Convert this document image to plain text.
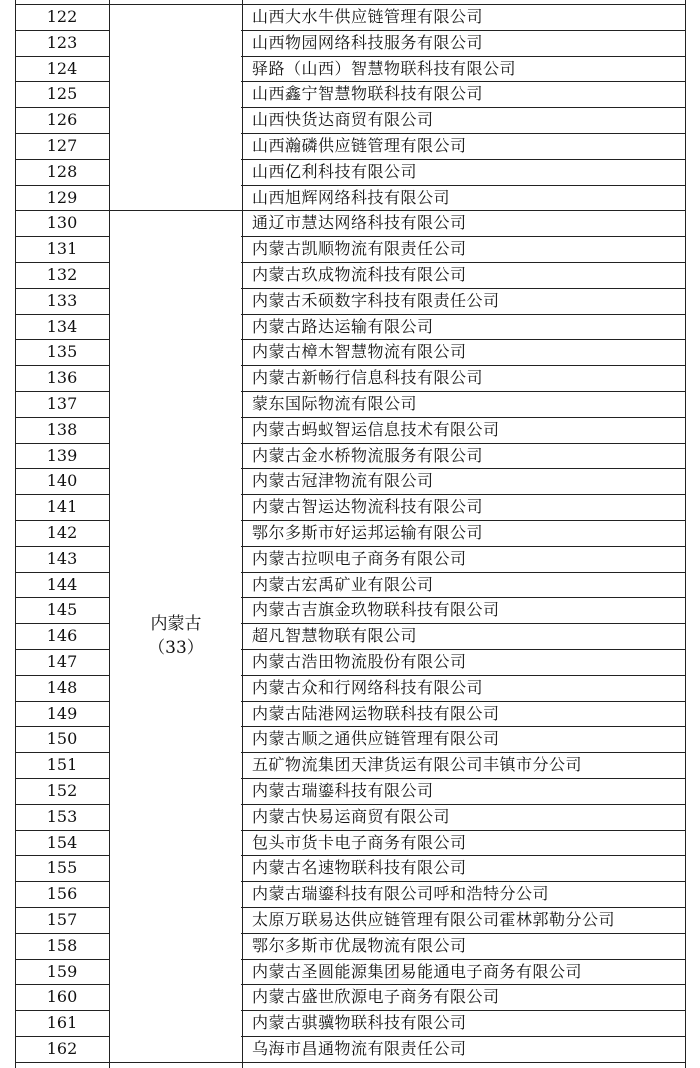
122	山西大水牛供应链管理有限公司
123	山西物园网络科技服务有限公司
124	驿路（山西）智慧物联科技有限公司
125	山西鑫宁智慧物联科技有限公司
126	山西快货达商贸有限公司
127	山西瀚磷供应链管理有限公司
128	山西亿利科技有限公司
129	山西旭辉网络科技有限公司
130	通辽市慧达网络科技有限公司
131	内蒙古凯顺物流有限责任公司
132	内蒙古玖成物流科技有限公司
133	内蒙古禾硕数字科技有限责任公司
134	内蒙古路达运输有限公司
135	内蒙古樟木智慧物流有限公司
136	内蒙古新畅行信息科技有限公司
137	蒙东国际物流有限公司
138	内蒙古蚂蚁智运信息技术有限公司
139	内蒙古金水桥物流服务有限公司
140	内蒙古冠津物流有限公司
141	内蒙古智运达物流科技有限公司
142	鄂尔多斯市好运邦运输有限公司
143	内蒙古拉呗电子商务有限公司
144	内蒙古宏禹矿业有限公司
145	内蒙古吉旗金玖物联科技有限公司
146	超凡智慧物联有限公司
147	内蒙古浩田物流股份有限公司
148	内蒙古众和行网络科技有限公司
149	内蒙古陆港网运物联科技有限公司
150	内蒙古顺之通供应链管理有限公司
151	五矿物流集团天津货运有限公司丰镇市分公司
152	内蒙古瑞鎏科技有限公司
153	内蒙古快易运商贸有限公司
154	包头市货卡电子商务有限公司
155	内蒙古名速物联科技有限公司
156	内蒙古瑞鎏科技有限公司呼和浩特分公司
157	太原万联易达供应链管理有限公司霍林郭勒分公司
158	鄂尔多斯市优晟物流有限公司
159	内蒙古圣圆能源集团易能通电子商务有限公司
160	内蒙古盛世欣源电子商务有限公司
161	内蒙古骐骥物联科技有限公司
162	乌海市昌通物流有限责任公司
内蒙古
（33）
